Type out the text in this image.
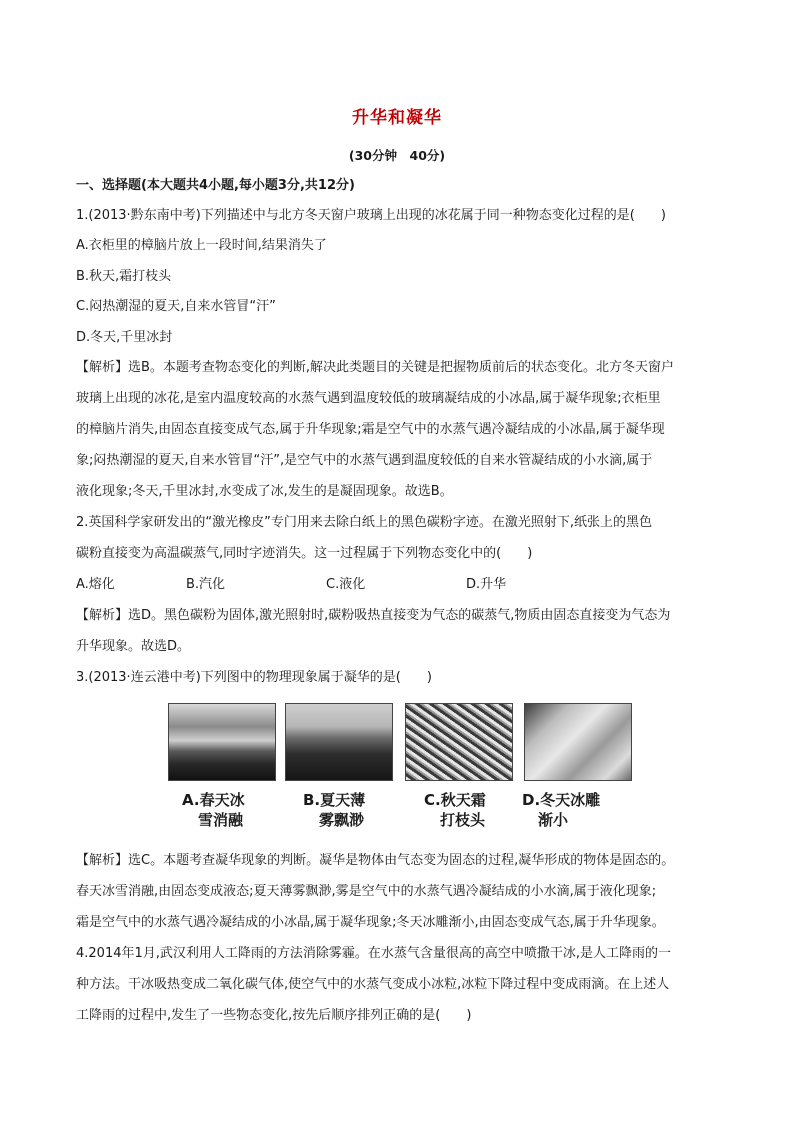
升华和凝华
(30分钟　40分)
一、选择题(本大题共4小题,每小题3分,共12分)
1.(2013·黔东南中考)下列描述中与北方冬天窗户玻璃上出现的冰花属于同一种物态变化过程的是(　　)
A.衣柜里的樟脑片放上一段时间,结果消失了
B.秋天,霜打枝头
C.闷热潮湿的夏天,自来水管冒“汗”
D.冬天,千里冰封
【解析】选B。本题考查物态变化的判断,解决此类题目的关键是把握物质前后的状态变化。北方冬天窗户
玻璃上出现的冰花,是室内温度较高的水蒸气遇到温度较低的玻璃凝结成的小冰晶,属于凝华现象;衣柜里
的樟脑片消失,由固态直接变成气态,属于升华现象;霜是空气中的水蒸气遇冷凝结成的小冰晶,属于凝华现
象;闷热潮湿的夏天,自来水管冒“汗”,是空气中的水蒸气遇到温度较低的自来水管凝结成的小水滴,属于
液化现象;冬天,千里冰封,水变成了冰,发生的是凝固现象。故选B。
2.英国科学家研发出的“激光橡皮”专门用来去除白纸上的黑色碳粉字迹。在激光照射下,纸张上的黑色
碳粉直接变为高温碳蒸气,同时字迹消失。这一过程属于下列物态变化中的(　　)
A.熔化	B.汽化	C.液化	D.升华
【解析】选D。黑色碳粉为固体,激光照射时,碳粉吸热直接变为气态的碳蒸气,物质由固态直接变为气态为
升华现象。故选D。
3.(2013·连云港中考)下列图中的物理现象属于凝华的是(　　)
A.春天冰
雪消融
B.夏天薄
雾飘渺
C.秋天霜
打枝头
D.冬天冰雕
渐小
【解析】选C。本题考查凝华现象的判断。凝华是物体由气态变为固态的过程,凝华形成的物体是固态的。
春天冰雪消融,由固态变成液态;夏天薄雾飘渺,雾是空气中的水蒸气遇冷凝结成的小水滴,属于液化现象;
霜是空气中的水蒸气遇冷凝结成的小冰晶,属于凝华现象;冬天冰雕渐小,由固态变成气态,属于升华现象。
4.2014年1月,武汉利用人工降雨的方法消除雾霾。在水蒸气含量很高的高空中喷撒干冰,是人工降雨的一
种方法。干冰吸热变成二氧化碳气体,使空气中的水蒸气变成小冰粒,冰粒下降过程中变成雨滴。在上述人
工降雨的过程中,发生了一些物态变化,按先后顺序排列正确的是(　　)
